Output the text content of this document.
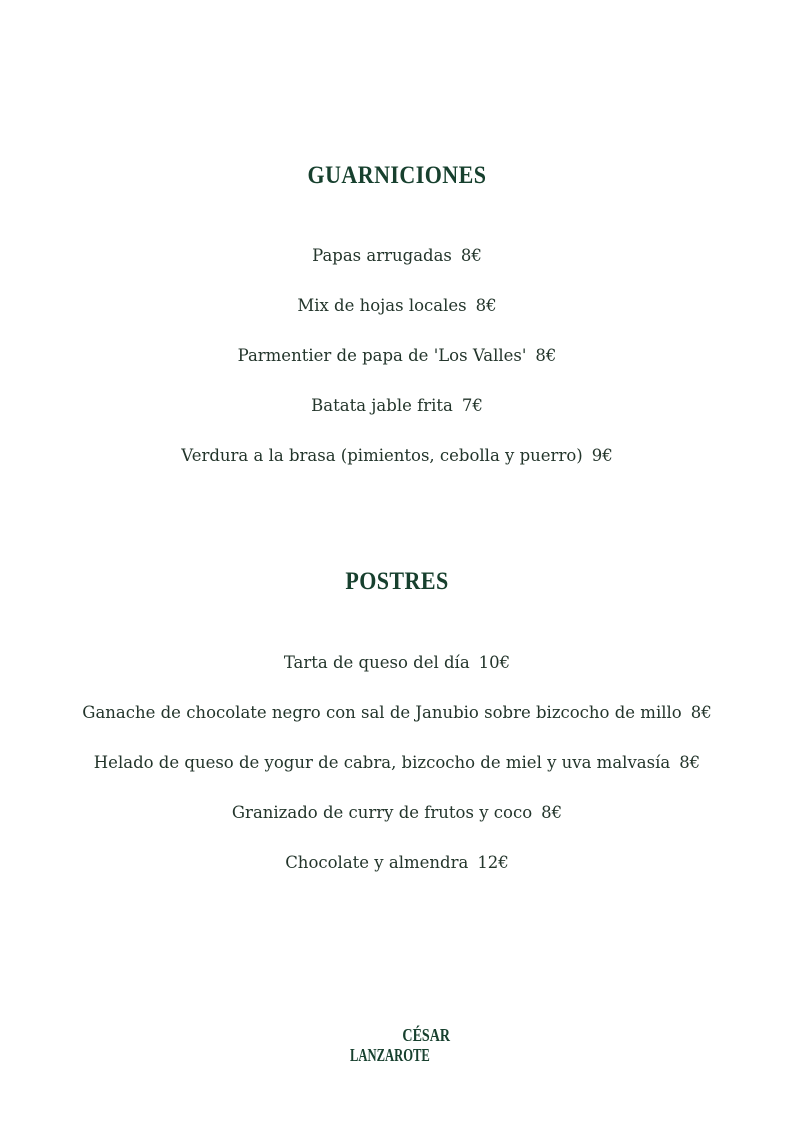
GUARNICIONES
Papas arrugadas 8€
Mix de hojas locales 8€
Parmentier de papa de 'Los Valles' 8€
Batata jable frita 7€
Verdura a la brasa (pimientos, cebolla y puerro) 9€
POSTRES
Tarta de queso del día 10€
Ganache de chocolate negro con sal de Janubio sobre bizcocho de millo 8€
Helado de queso de yogur de cabra, bizcocho de miel y uva malvasía 8€
Granizado de curry de frutos y coco 8€
Chocolate y almendra 12€
CÉSAR
LANZAROTE
